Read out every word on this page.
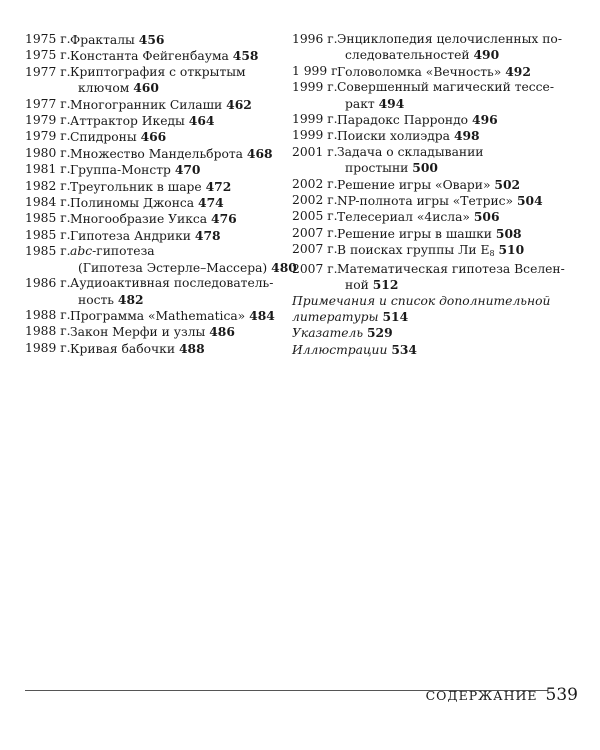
1975 г. Фракталы 456
1975 г. Константа Фейгенбаума 458
1977 г. Криптография с открытым
ключом 460
1977 г. Многогранник Силаши 462
1979 г. Аттрактор Икеды 464
1979 г. Спидроны 466
1980 г. Множество Мандельброта 468
1981 г. Группа-Монстр 470
1982 г. Треугольник в шаре 472
1984 г. Полиномы Джонса 474
1985 г. Многообразие Уикса 476
1985 г. Гипотеза Андрики 478
1985 г. abc-гипотеза
(Гипотеза Эстерле–Массера) 480
1986 г. Аудиоактивная последователь-
ность 482
1988 г. Программа «Mathematica» 484
1988 г. Закон Мерфи и узлы 486
1989 г. Кривая бабочки 488
1996 г. Энциклопедия целочисленных по-
следовательностей 490
1 999 г.
Головоломка «Вечность» 492
1999 г. Совершенный магический тессе-
ракт 494
1999 г. Парадокс Паррондо 496
1999 г. Поиски холиэдра 498
2001 г. Задача о складывании
простыни 500
2002 г. Решение игры «Овари» 502
2002 г. NP-полнота игры «Тетрис» 504
2005 г. Телесериал «4исла» 506
2007 г. Решение игры в шашки 508
2007 г. В поисках группы Ли $E_8$ 510
2007 г. Математическая гипотеза Вселен-
ной 512
Примечания и список дополнительной
литературы 514
Указатель 529
Иллюстрации 534
СОДЕРЖАНИЕ 539
